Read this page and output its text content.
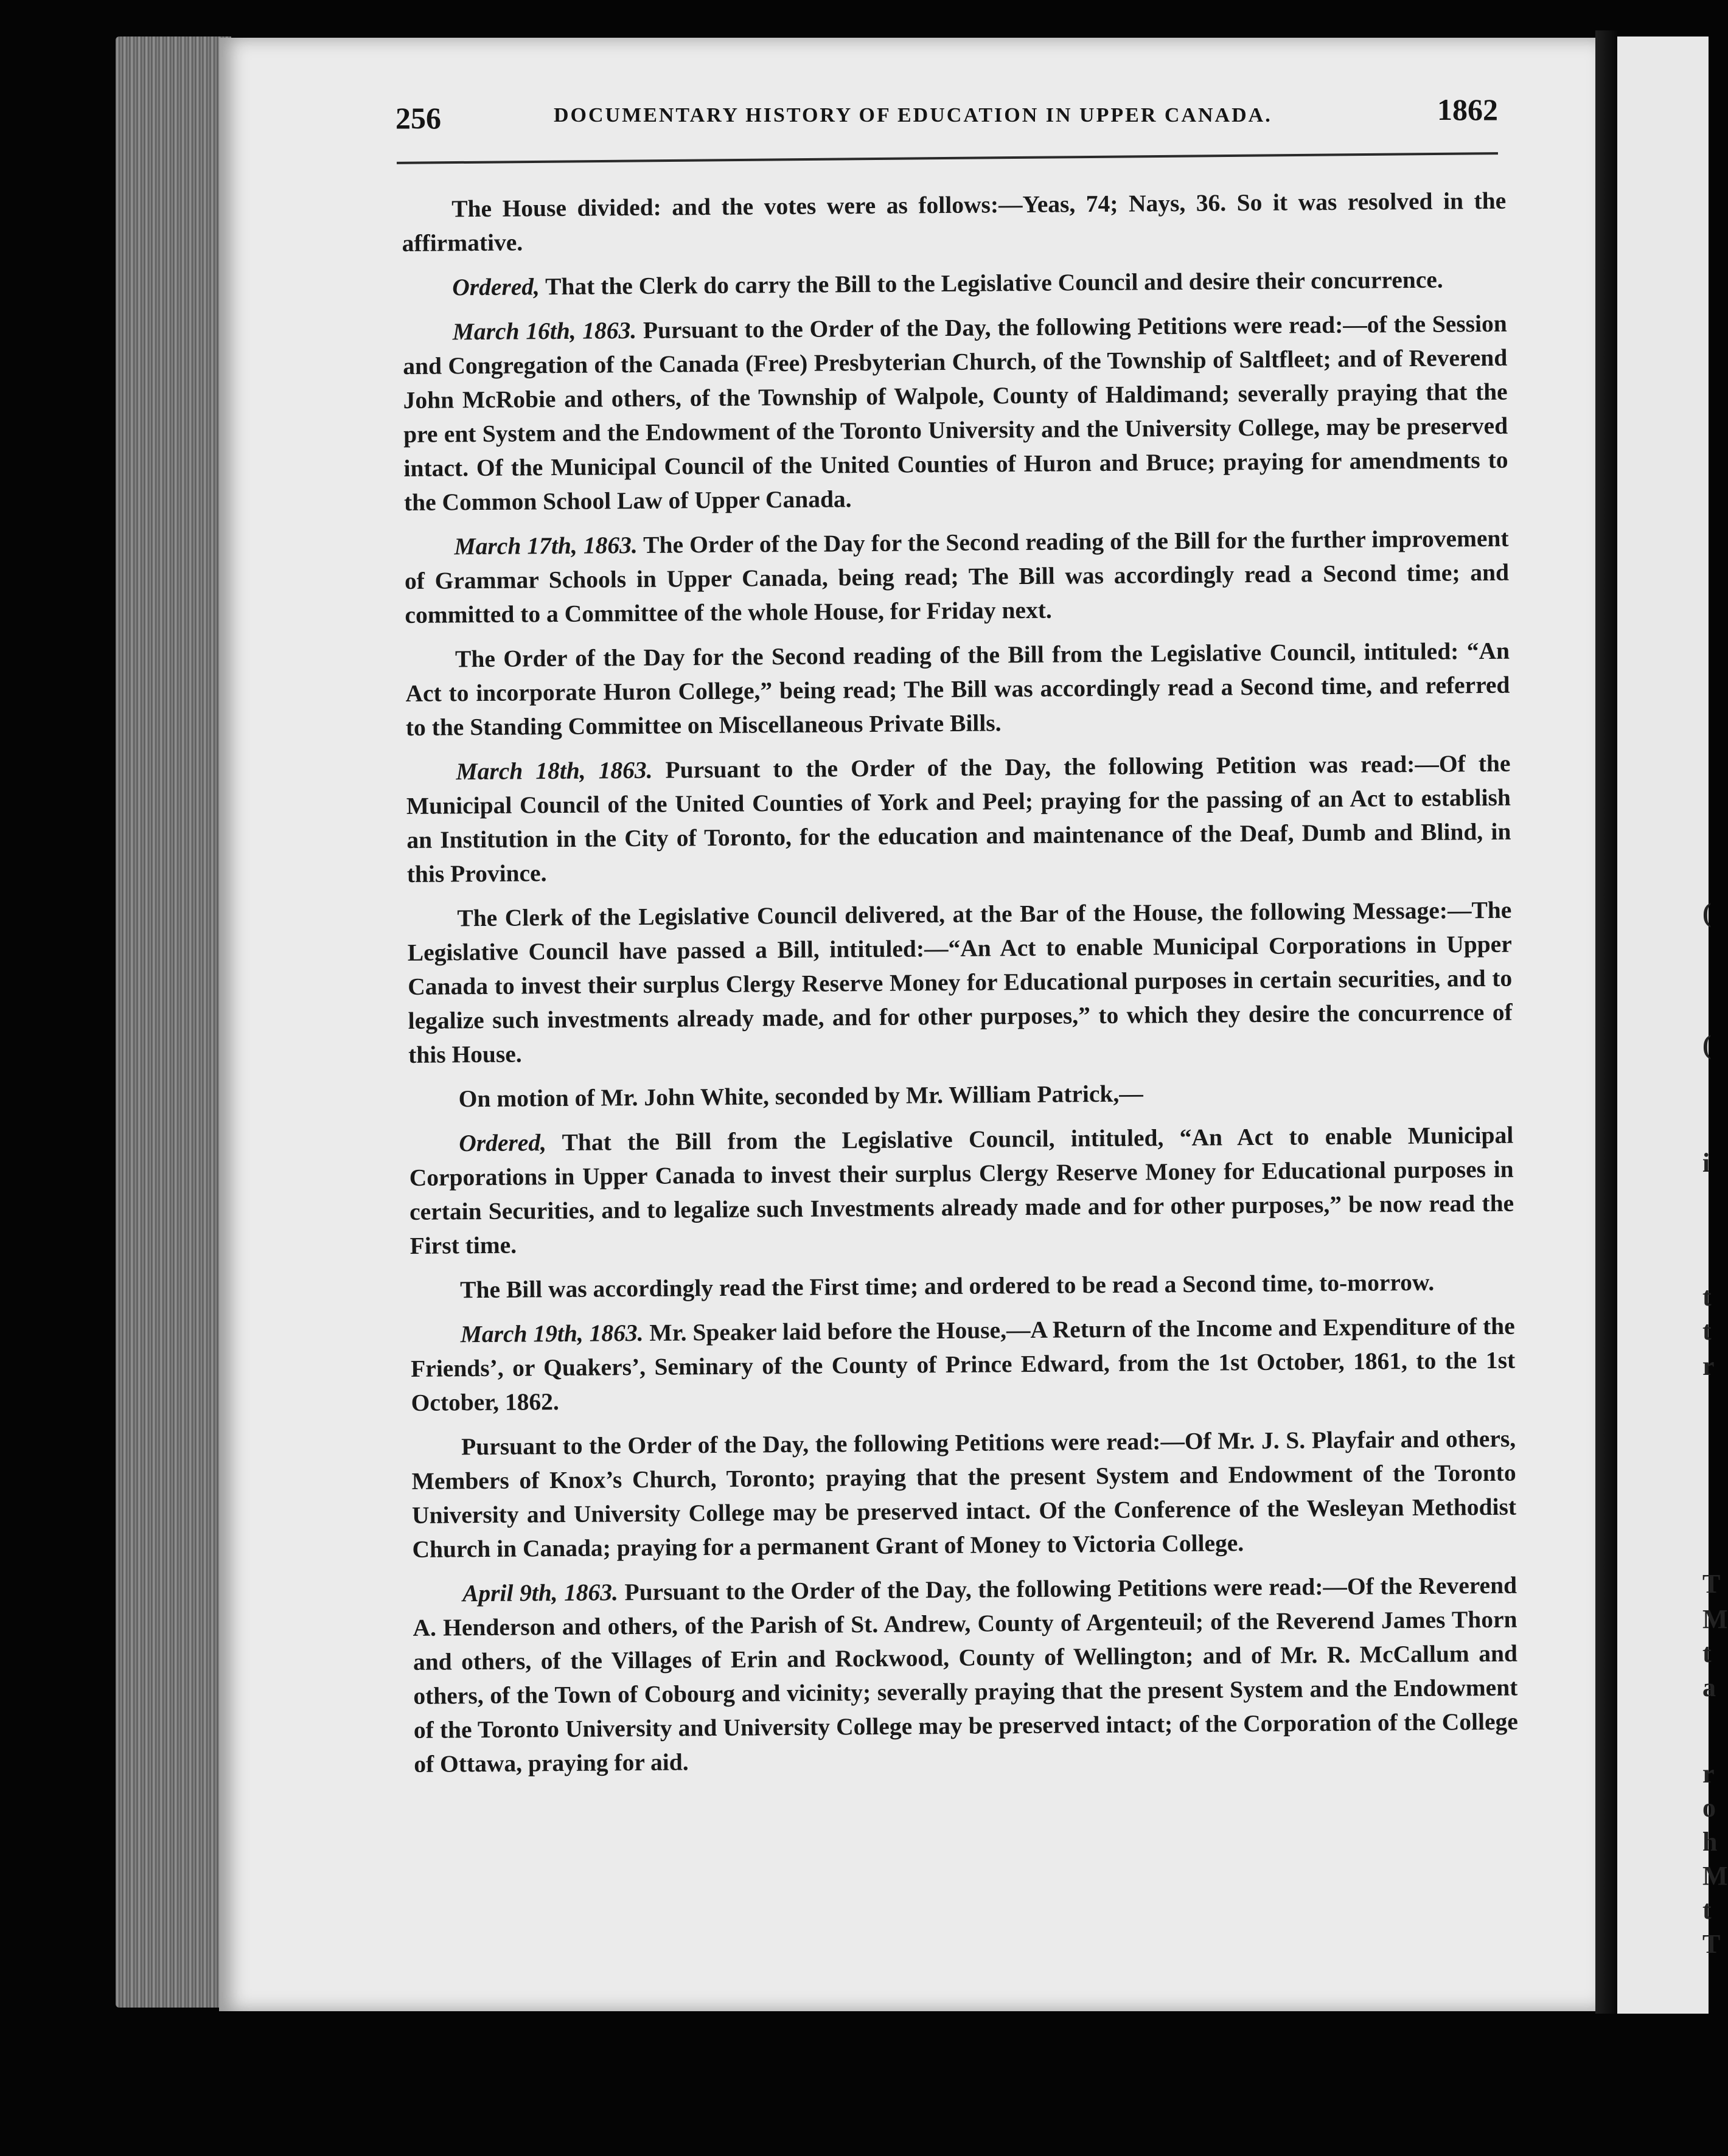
(
(
i
t
t
r
T
M
t
a
r
o
h
M
t
T
256	DOCUMENTARY HISTORY OF EDUCATION IN UPPER CANADA.	1862

The House divided: and the votes were as follows:—Yeas, 74; Nays, 36. So it was resolved in the affirmative.

Ordered, That the Clerk do carry the Bill to the Legislative Council and desire their concurrence.

March 16th, 1863. Pursuant to the Order of the Day, the following Petitions were read:—of the Session and Congregation of the Canada (Free) Presbyterian Church, of the Township of Saltfleet; and of Reverend John McRobie and others, of the Township of Walpole, County of Haldimand; severally praying that the pre ent System and the Endowment of the Toronto University and the University College, may be preserved intact. Of the Municipal Council of the United Counties of Huron and Bruce; praying for amendments to the Common School Law of Upper Canada.

March 17th, 1863. The Order of the Day for the Second reading of the Bill for the further improvement of Grammar Schools in Upper Canada, being read; The Bill was accordingly read a Second time; and committed to a Committee of the whole House, for Friday next.

The Order of the Day for the Second reading of the Bill from the Legislative Council, intituled: “An Act to incorporate Huron College,” being read; The Bill was accordingly read a Second time, and referred to the Standing Committee on Miscellaneous Private Bills.

March 18th, 1863. Pursuant to the Order of the Day, the following Petition was read:—Of the Municipal Council of the United Counties of York and Peel; praying for the passing of an Act to establish an Institution in the City of Toronto, for the education and maintenance of the Deaf, Dumb and Blind, in this Province.

The Clerk of the Legislative Council delivered, at the Bar of the House, the following Message:—The Legislative Council have passed a Bill, intituled:—“An Act to enable Municipal Corporations in Upper Canada to invest their surplus Clergy Reserve Money for Educational purposes in certain securities, and to legalize such investments already made, and for other purposes,” to which they desire the concurrence of this House.

On motion of Mr. John White, seconded by Mr. William Patrick,—

Ordered, That the Bill from the Legislative Council, intituled, “An Act to enable Municipal Corporations in Upper Canada to invest their surplus Clergy Reserve Money for Educational purposes in certain Securities, and to legalize such Investments already made and for other purposes,” be now read the First time.

The Bill was accordingly read the First time; and ordered to be read a Second time, to-morrow.

March 19th, 1863. Mr. Speaker laid before the House,—A Return of the Income and Expenditure of the Friends’, or Quakers’, Seminary of the County of Prince Edward, from the 1st October, 1861, to the 1st October, 1862.

Pursuant to the Order of the Day, the following Petitions were read:—Of Mr. J. S. Playfair and others, Members of Knox’s Church, Toronto; praying that the present System and Endowment of the Toronto University and University College may be preserved intact. Of the Conference of the Wesleyan Methodist Church in Canada; praying for a permanent Grant of Money to Victoria College.

April 9th, 1863. Pursuant to the Order of the Day, the following Petitions were read:—Of the Reverend A. Henderson and others, of the Parish of St. Andrew, County of Argenteuil; of the Reverend James Thorn and others, of the Villages of Erin and Rockwood, County of Wellington; and of Mr. R. McCallum and others, of the Town of Cobourg and vicinity; severally praying that the present System and the Endowment of the Toronto University and University College may be preserved intact; of the Corporation of the College of Ottawa, praying for aid.
